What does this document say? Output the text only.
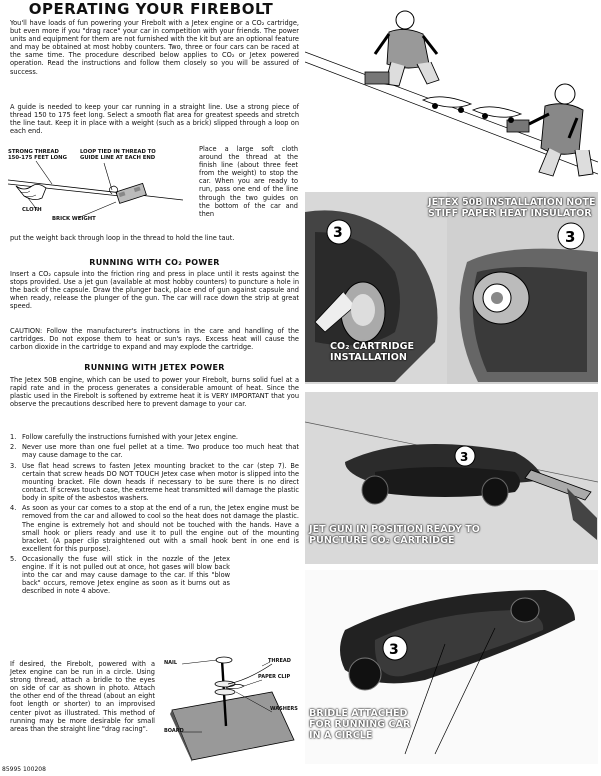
OPERATING YOUR FIREBOLT
You'll have loads of fun powering your Firebolt with a Jetex engine or a CO₂ cartridge, but even more if you "drag race" your car in competition with your friends. The power units and equipment for them are not furnished with the kit but are an optional feature and may be obtained at most hobby counters. Two, three or four cars can be raced at the same time. The procedure described below applies to CO₂ or Jetex powered operation. Read the instructions and follow them closely so you will be assured of success.
A guide is needed to keep your car running in a straight line. Use a strong piece of thread 150 to 175 feet long. Select a smooth flat area for greatest speeds and stretch the line taut. Keep it in place with a weight (such as a brick) slipped through a loop on each end.
STRONG THREAD 150-175 FEET LONG
LOOP TIED IN THREAD TO GUIDE LINE AT EACH END
CLOTH
BRICK WEIGHT
Place a large soft cloth around the thread at the finish line (about three feet from the weight) to stop the car. When you are ready to run, pass one end of the line through the two guides on the bottom of the car and then
put the weight back through loop in the thread to hold the line taut.
RUNNING WITH CO₂ POWER
Insert a CO₂ capsule into the friction ring and press in place until it rests against the stops provided. Use a jet gun (available at most hobby counters) to puncture a hole in the back of the capsule. Draw the plunger back, place end of gun against capsule and when ready, release the plunger of the gun. The car will race down the strip at great speed.
CAUTION: Follow the manufacturer's instructions in the care and handling of the cartridges. Do not expose them to heat or sun's rays. Excess heat will cause the carbon dioxide in the cartridge to expand and may explode the cartridge.
RUNNING WITH JETEX POWER
The Jetex 50B engine, which can be used to power your Firebolt, burns solid fuel at a rapid rate and in the process generates a considerable amount of heat. Since the plastic used in the Firebolt is softened by extreme heat it is VERY IMPORTANT that you observe the precautions described here to prevent damage to your car.
1. Follow carefully the instructions furnished with your Jetex engine.
2. Never use more than one fuel pellet at a time. Two produce too much heat that may cause damage to the car.
3. Use flat head screws to fasten Jetex mounting bracket to the car (step 7). Be certain that screw heads DO NOT TOUCH Jetex case when motor is slipped into the mounting bracket. File down heads if necessary to be sure there is no direct contact. If screws touch case, the extreme heat transmitted will damage the plastic body in spite of the asbestos washers.
4. As soon as your car comes to a stop at the end of a run, the Jetex engine must be removed from the car and allowed to cool so the heat does not damage the plastic. The engine is extremely hot and should not be touched with the hands. Have a small hook or pliers ready and use it to pull the engine out of the mounting bracket. (A paper clip straightened out with a small hook bent in one end is excellent for this purpose).
5. Occasionally the fuse will stick in the nozzle of the Jetex engine. If it is not pulled out at once, hot gases will blow back into the car and may cause damage to the car. If this "blow back" occurs, remove Jetex engine as soon as it burns out as described in note 4 above.
If desired, the Firebolt, powered with a Jetex engine can be run in a circle. Using strong thread, attach a bridle to the eyes on side of car as shown in photo. Attach the other end of the thread (about an eight foot length or shorter) to an improvised center pivot as illustrated. This method of running may be more desirable for small areas than the straight line "drag racing".
NAIL	THREAD
PAPER CLIP
WASHERS
BOARD
3	3
JETEX 50B INSTALLATION NOTE STIFF PAPER HEAT INSULATOR
CO₂ CARTRIDGE INSTALLATION
3
JET GUN IN POSITION READY TO PUNCTURE CO₂ CARTRIDGE
3
BRIDLE ATTACHED FOR RUNNING CAR IN A CIRCLE
85995 100208
